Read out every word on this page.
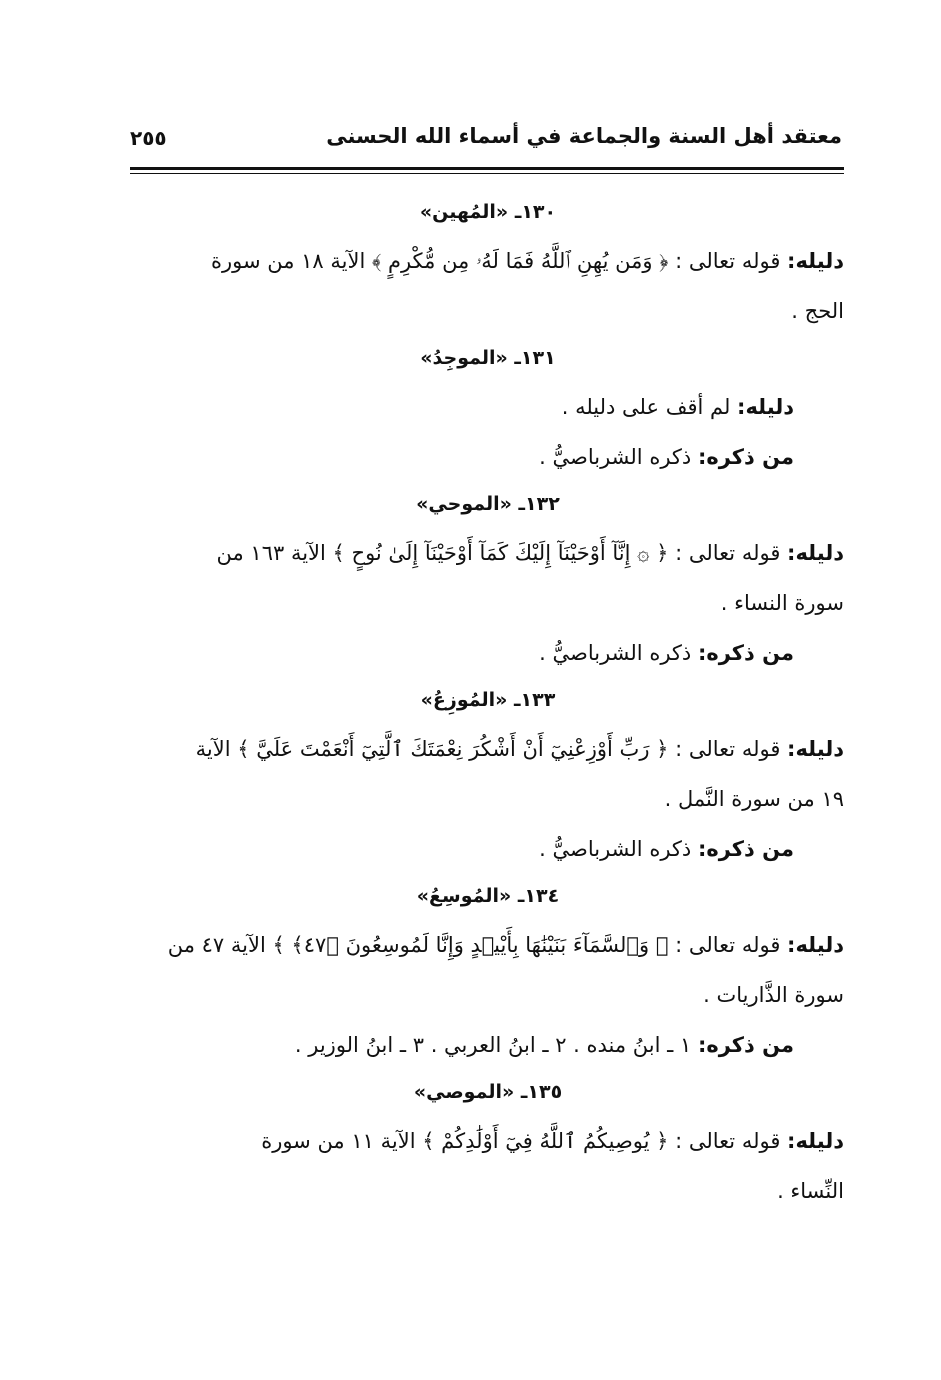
معتقد أهل السنة والجماعة في أسماء الله الحسنى
٢٥٥
١٣٠ـ «المُهين»
دليله: قوله تعالى : ﴿ وَمَن يُهِنِ ٱللَّهُ فَمَا لَهُۥ مِن مُّكْرِمٍ ﴾ الآية ١٨ من سورة
الحج .
١٣١ـ «الموجِدُ»
دليله: لم أقف على دليله .
من ذكره: ذكره الشرباصيُّ .
١٣٢ـ «الموحي»
دليله: قوله تعالى : ﴿ ۞ إِنَّآ أَوْحَيْنَآ إِلَيْكَ كَمَآ أَوْحَيْنَآ إِلَىٰ نُوحٍ ﴾ الآية ١٦٣ من
سورة النساء .
من ذكره: ذكره الشرباصيُّ .
١٣٣ـ «المُوزِعُ»
دليله: قوله تعالى : ﴿ رَبِّ أَوْزِعْنِيٓ أَنْ أَشْكُرَ نِعْمَتَكَ ٱلَّتِيٓ أَنْعَمْتَ عَلَيَّ ﴾ الآية
١٩ من سورة النَّمل .
من ذكره: ذكره الشرباصيُّ .
١٣٤ـ «المُوسِعُ»
دليله: قوله تعالى : ﴿ وَٱلسَّمَآءَ بَنَيْنَٰهَا بِأَيْي۟دٍ وَإِنَّا لَمُوسِعُونَ ﴿٤٧﴾ ﴾ الآية ٤٧ من
سورة الذَّاريات .
من ذكره: ١ ـ ابنُ منده . ٢ ـ ابنُ العربي . ٣ ـ ابنُ الوزير .
١٣٥ـ «الموصي»
دليله: قوله تعالى : ﴿ يُوصِيكُمُ ٱللَّهُ فِيٓ أَوْلَٰدِكُمْ ﴾ الآية ١١ من سورة
النِّساء .
